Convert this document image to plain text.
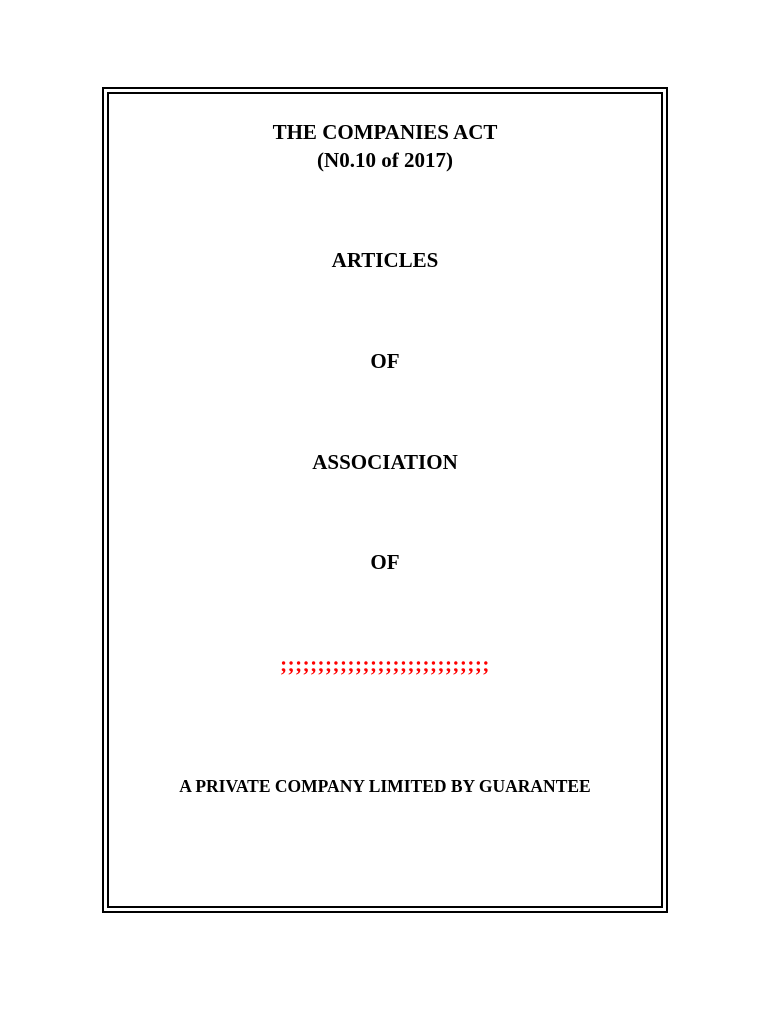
THE COMPANIES ACT
(N0.10 of 2017)
ARTICLES
OF
ASSOCIATION
OF
;;;;;;;;;;;;;;;;;;;;;;;;;;;;
A PRIVATE COMPANY LIMITED BY GUARANTEE
